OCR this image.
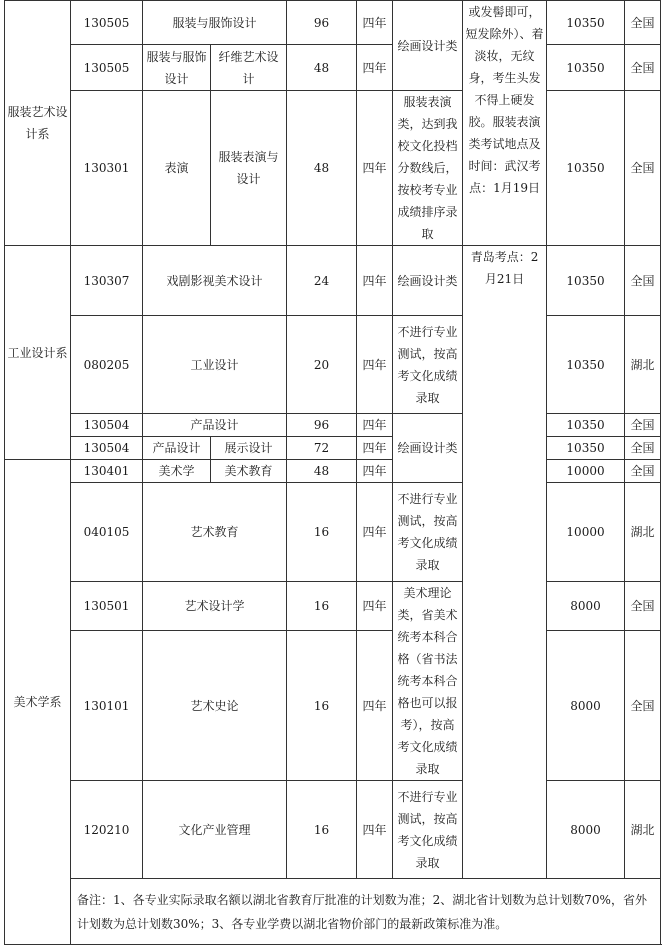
服装艺术设计系	130505	服装与服饰设计		96	四年	绘画设计类	或发髻即可，短发除外）、着淡妆，无纹身，考生头发不得上硬发胶。服装表演类考试地点及时间：武汉考点：1月19日	10350	全国
	130505	服装与服饰设计	纤维艺术设计	48	四年			10350	全国
	130301	表演	服装表演与设计	48	四年	服装表演类，达到我校文化投档分数线后，按校考专业成绩排序录取		10350	全国
工业设计系	130307	戏剧影视美术设计		24	四年	绘画设计类	青岛考点：2月21日	10350	全国
	080205	工业设计		20	四年	不进行专业测试，按高考文化成绩录取		10350	湖北
	130504	产品设计		96	四年	绘画设计类		10350	全国
	130504	产品设计	展示设计	72	四年			10350	全国
美术学系	130401	美术学	美术教育	48	四年			10000	全国
	040105	艺术教育		16	四年	不进行专业测试，按高考文化成绩录取		10000	湖北
	130501	艺术设计学		16	四年	美术理论类，省美术统考本科合格（省书法统考本科合格也可以报考），按高考文化成绩录取		8000	全国
	130101	艺术史论		16	四年			8000	全国
	120210	文化产业管理		16	四年	不进行专业测试，按高考文化成绩录取		8000	湖北
	备注：1、各专业实际录取名额以湖北省教育厅批准的计划数为准；2、湖北省计划数为总计划数70%，省外计划数为总计划数30%；3、各专业学费以湖北省物价部门的最新政策标准为准。								
